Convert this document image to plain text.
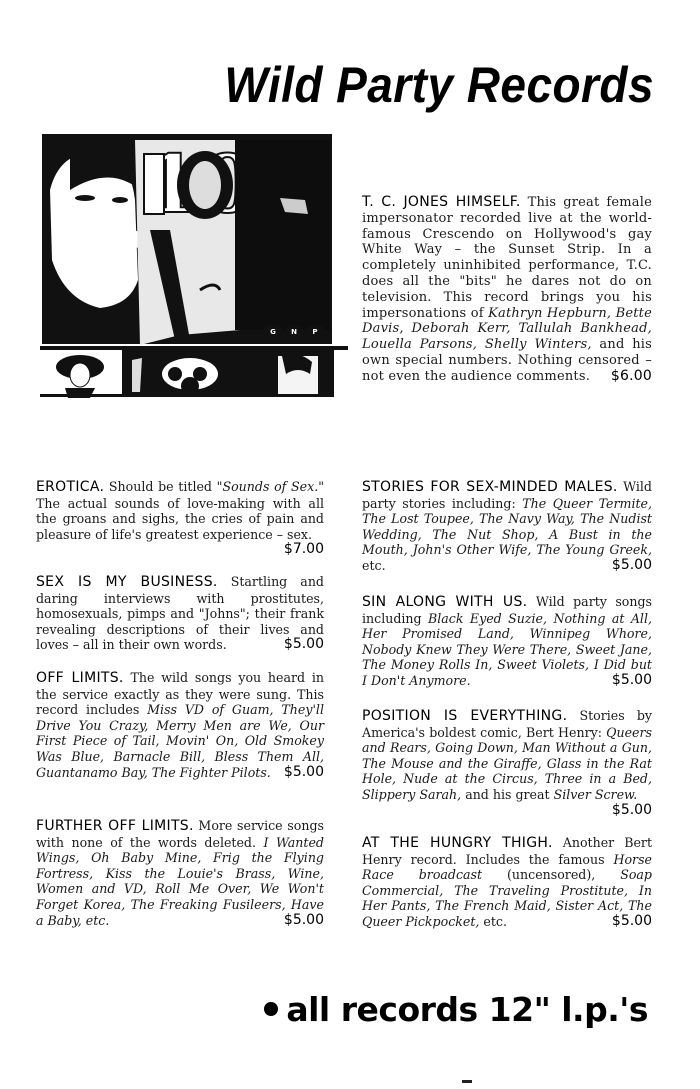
Wild Party Records
G N P
T. C. JONES HIMSELF. This great female impersonator recorded live at the world-famous Crescendo on Hollywood's gay White Way – the Sunset Strip. In a completely uninhibited performance, T.C. does all the "bits" he dares not do on television. This record brings you his impersonations of Kathryn Hepburn, Bette Davis, Deborah Kerr, Tallulah Bankhead, Louella Parsons, Shelly Winters, and his own special numbers. Nothing censored – not even the audience comments. $6.00
EROTICA. Should be titled "Sounds of Sex." The actual sounds of love-making with all the groans and sighs, the cries of pain and pleasure of life's greatest experience – sex.
$7.00
SEX IS MY BUSINESS. Startling and daring interviews with prostitutes, homosexuals, pimps and "Johns"; their frank revealing descriptions of their lives and loves – all in their own words.	$5.00
OFF LIMITS. The wild songs you heard in the service exactly as they were sung. This record includes Miss VD of Guam, They'll Drive You Crazy, Merry Men are We, Our First Piece of Tail, Movin' On, Old Smokey Was Blue, Barnacle Bill, Bless Them All, Guantanamo Bay, The Fighter Pilots. $5.00
FURTHER OFF LIMITS. More service songs with none of the words deleted. I Wanted Wings, Oh Baby Mine, Frig the Flying Fortress, Kiss the Louie's Brass, Wine, Women and VD, Roll Me Over, We Won't Forget Korea, The Freaking Fusileers, Have a Baby, etc.	$5.00
STORIES FOR SEX-MINDED MALES. Wild party stories including: The Queer Termite, The Lost Toupee, The Navy Way, The Nudist Wedding, The Nut Shop, A Bust in the Mouth, John's Other Wife, The Young Greek, etc.	$5.00
SIN ALONG WITH US. Wild party songs including Black Eyed Suzie, Nothing at All, Her Promised Land, Winnipeg Whore, Nobody Knew They Were There, Sweet Jane, The Money Rolls In, Sweet Violets, I Did but I Don't Anymore.	$5.00
POSITION IS EVERYTHING. Stories by America's boldest comic, Bert Henry: Queers and Rears, Going Down, Man Without a Gun, The Mouse and the Giraffe, Glass in the Rat Hole, Nude at the Circus, Three in a Bed, Slippery Sarah, and his great Silver Screw.
$5.00
AT THE HUNGRY THIGH. Another Bert Henry record. Includes the famous Horse Race broadcast (uncensored), Soap Commercial, The Traveling Prostitute, In Her Pants, The French Maid, Sister Act, The Queer Pickpocket, etc.	$5.00
all records 12" l.p.'s
